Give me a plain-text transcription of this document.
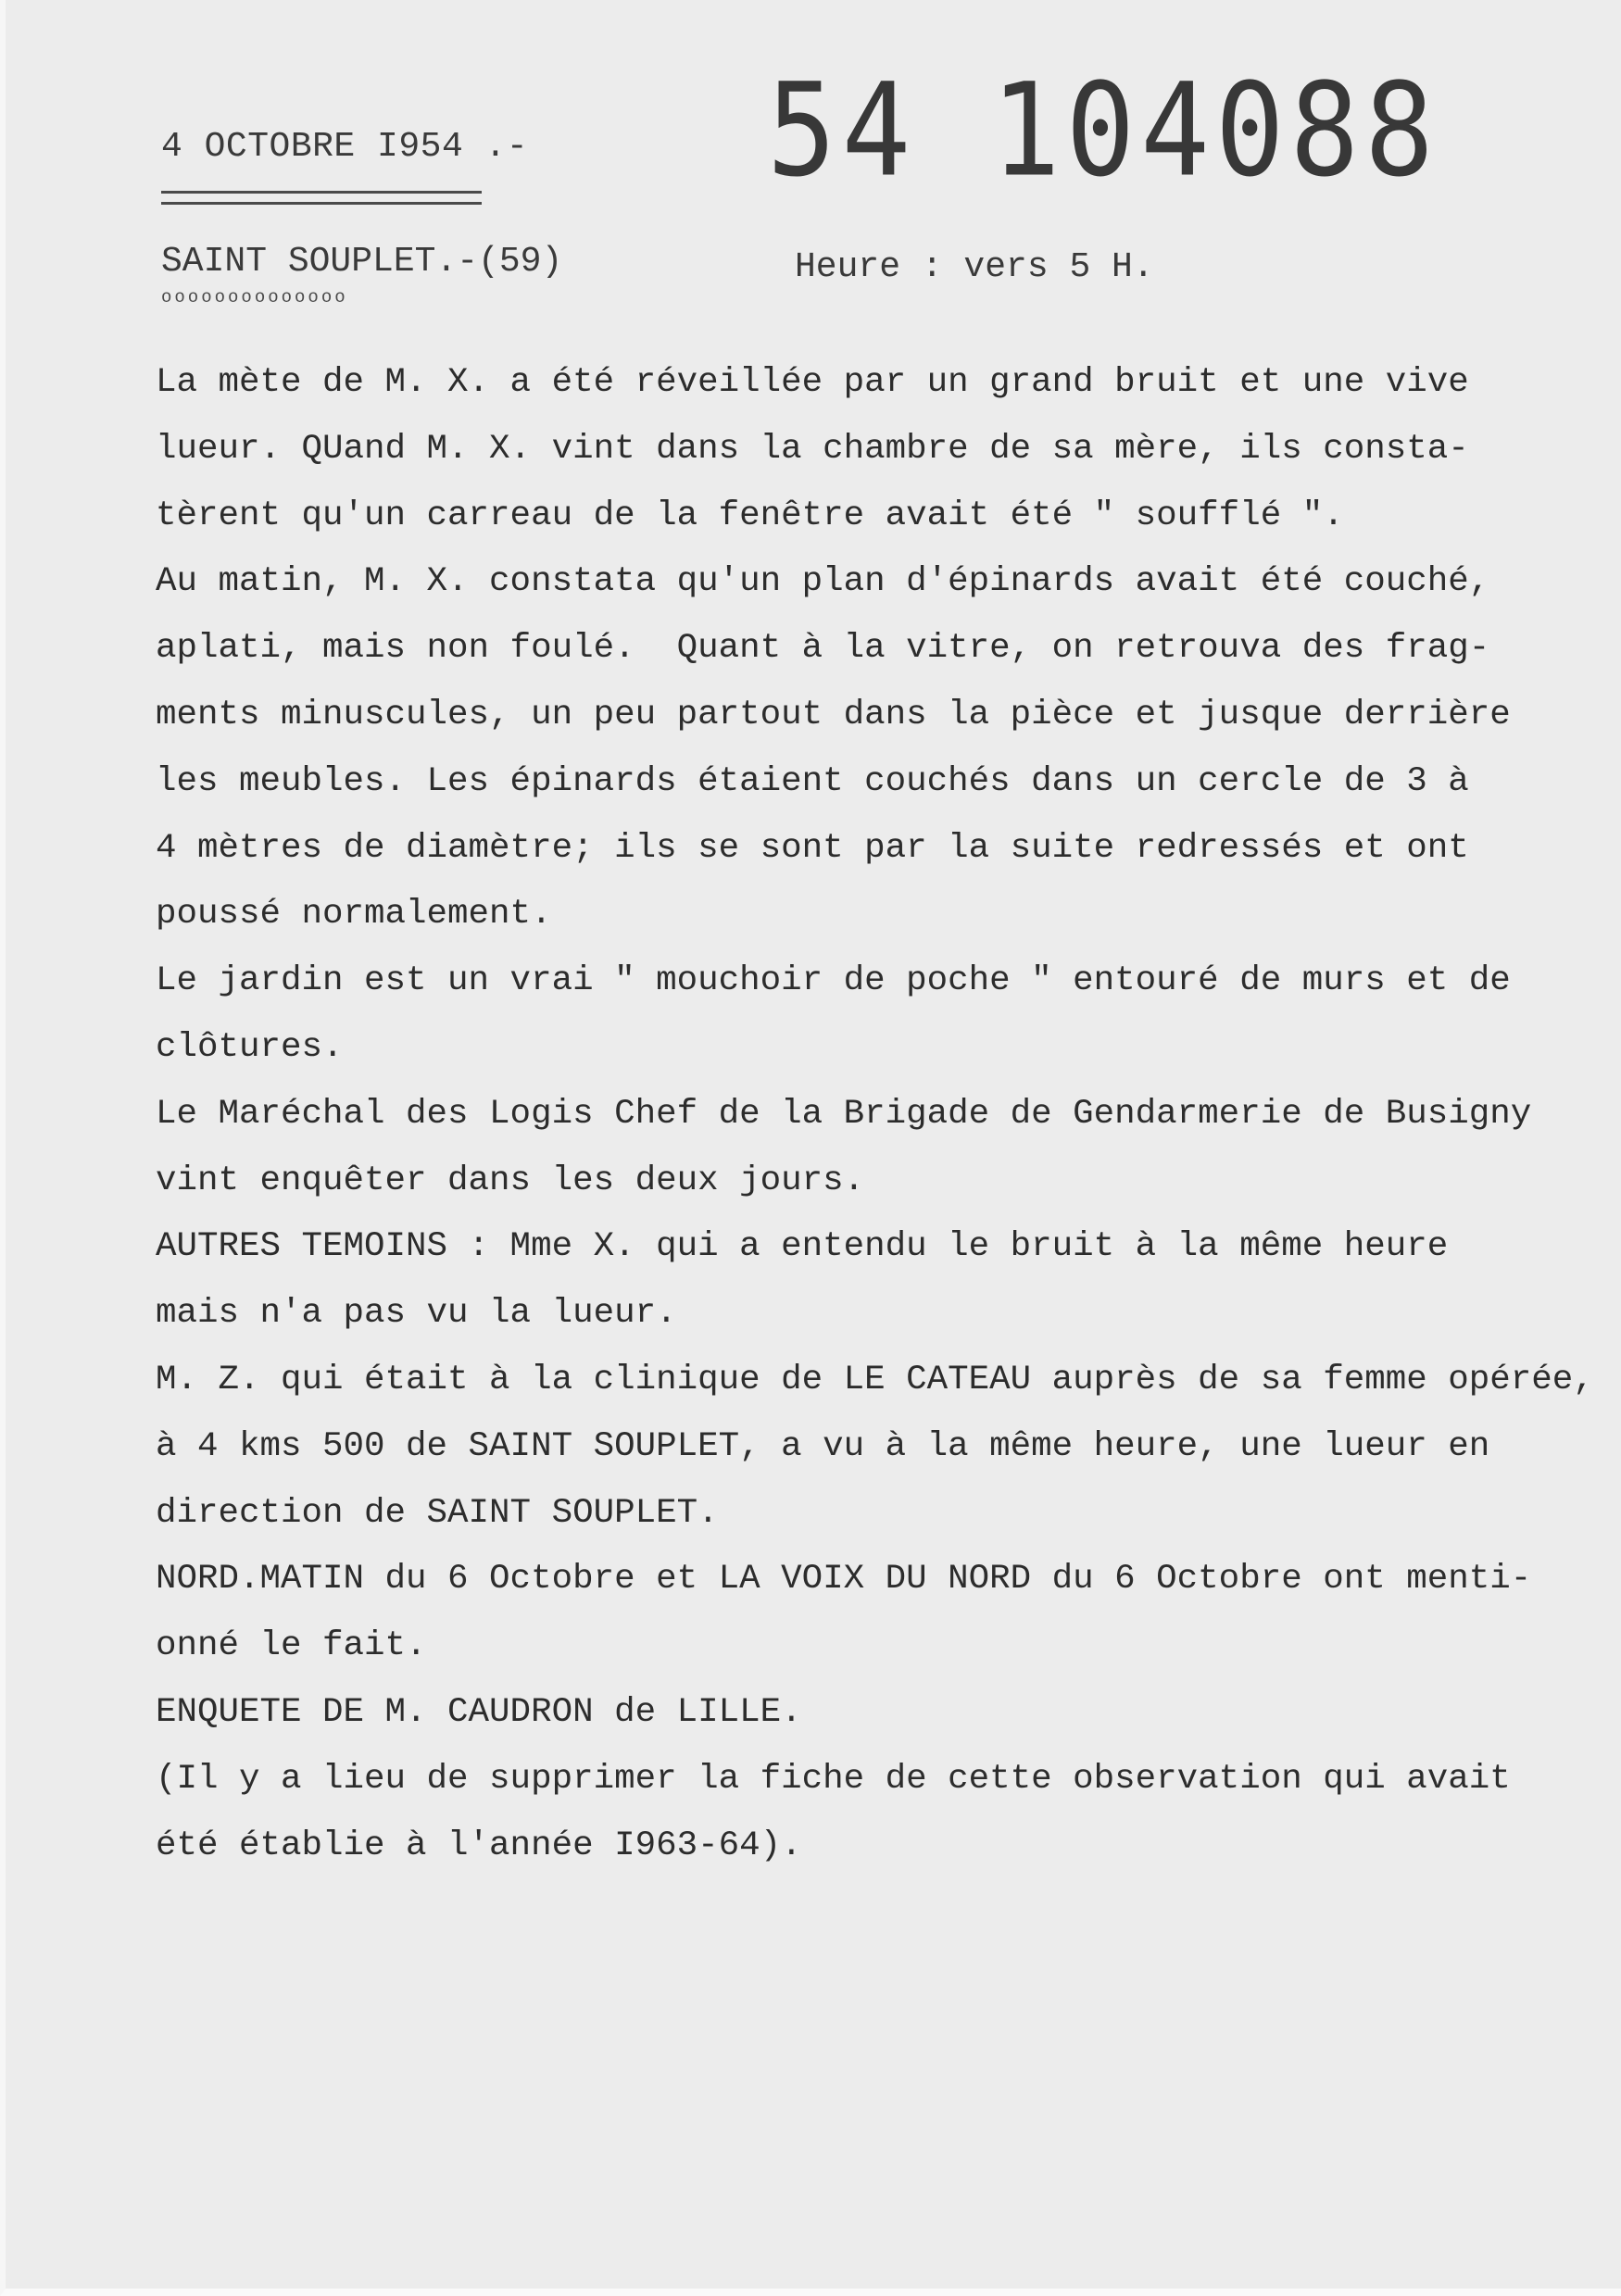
54 104088
4 OCTOBRE I954 .-
SAINT SOUPLET.-(59)
oooooooooooooo
Heure : vers 5 H.
La mète de M. X. a été réveillée par un grand bruit et une vive
lueur. QUand M. X. vint dans la chambre de sa mère, ils consta-
tèrent qu'un carreau de la fenêtre avait été " soufflé ".
Au matin, M. X. constata qu'un plan d'épinards avait été couché,
aplati, mais non foulé.  Quant à la vitre, on retrouva des frag-
ments minuscules, un peu partout dans la pièce et jusque derrière
les meubles. Les épinards étaient couchés dans un cercle de 3 à
4 mètres de diamètre; ils se sont par la suite redressés et ont
poussé normalement.
Le jardin est un vrai " mouchoir de poche " entouré de murs et de
clôtures.
Le Maréchal des Logis Chef de la Brigade de Gendarmerie de Busigny
vint enquêter dans les deux jours.
AUTRES TEMOINS : Mme X. qui a entendu le bruit à la même heure
mais n'a pas vu la lueur.
M. Z. qui était à la clinique de LE CATEAU auprès de sa femme opérée,
à 4 kms 500 de SAINT SOUPLET, a vu à la même heure, une lueur en
direction de SAINT SOUPLET.
NORD.MATIN du 6 Octobre et LA VOIX DU NORD du 6 Octobre ont menti-
onné le fait.
ENQUETE DE M. CAUDRON de LILLE.
(Il y a lieu de supprimer la fiche de cette observation qui avait
été établie à l'année I963-64).
